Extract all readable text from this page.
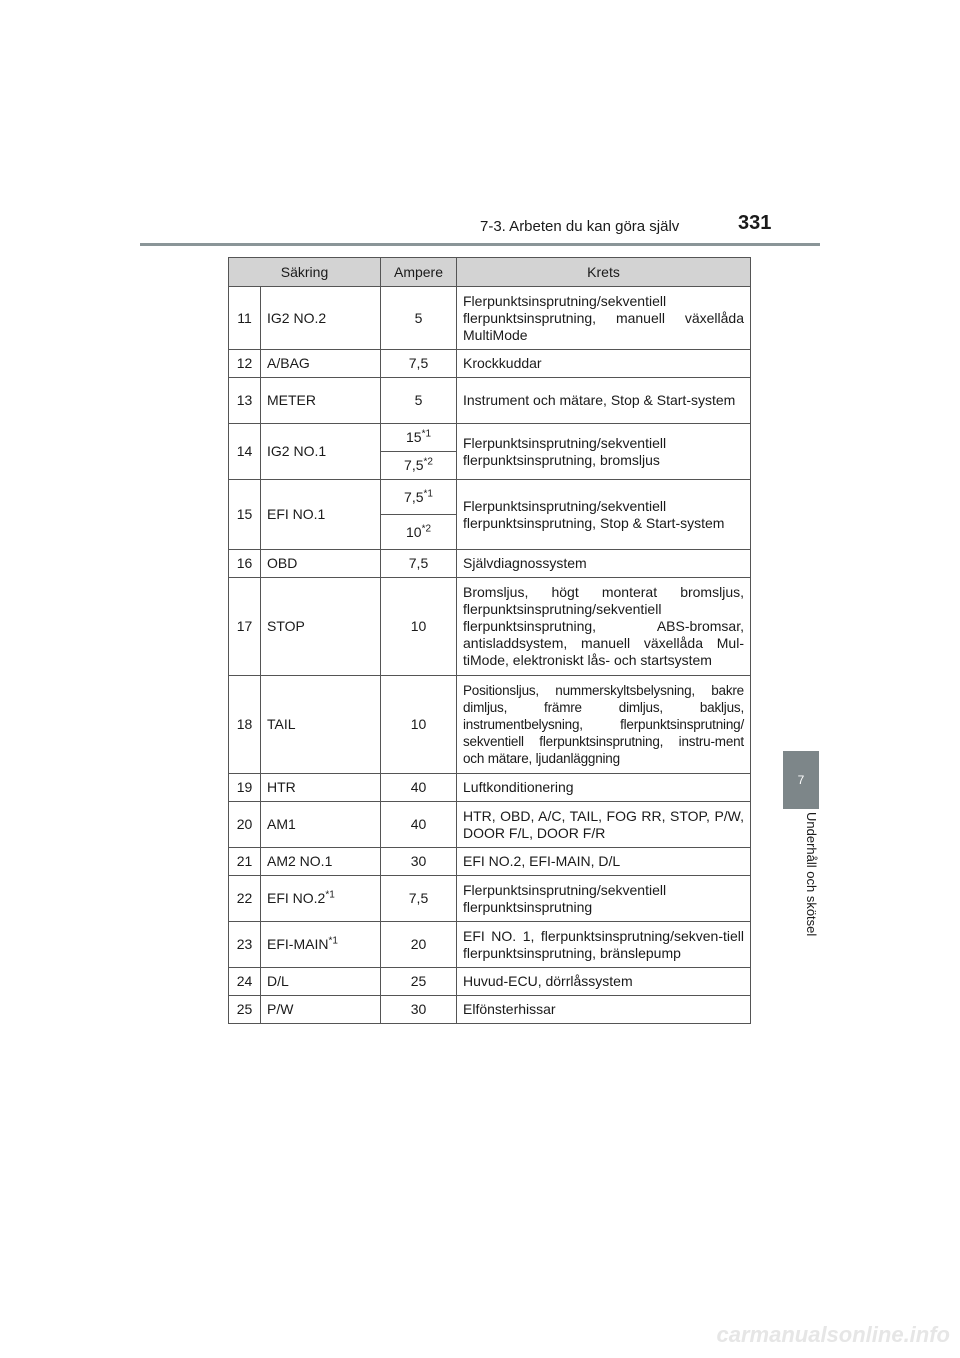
7-3. Arbeten du kan göra själv	331
7
Underhåll och skötsel
Säkring		Ampere	Krets
11	IG2 NO.2	5	Flerpunktsinsprutning/sekventiell flerpunktsinsprutning, manuell växellåda MultiMode
12	A/BAG	7,5	Krockkuddar
13	METER	5	Instrument och mätare, Stop & Start-system
14	IG2 NO.1	15$^{*1}$	Flerpunktsinsprutning/sekventiell flerpunktsinsprutning, bromsljus
		7,5$^{*2}$
15	EFI NO.1	7,5$^{*1}$	Flerpunktsinsprutning/sekventiell flerpunktsinsprutning, Stop & Start-system
		10$^{*2}$
16	OBD	7,5	Självdiagnossystem
17	STOP	10	Bromsljus, högt monterat bromsljus, flerpunktsinsprutning/sekventiell flerpunktsinsprutning, ABS-bromsar, antisladdsystem, manuell växellåda Mul-tiMode, elektroniskt lås- och startsystem
18	TAIL	10	Positionsljus, nummerskyltsbelysning, bakre dimljus, främre dimljus, bakljus, instrumentbelysning, flerpunktsinsprutning/ sekventiell flerpunktsinsprutning, instru-ment och mätare, ljudanläggning
19	HTR	40	Luftkonditionering
20	AM1	40	HTR, OBD, A/C, TAIL, FOG RR, STOP, P/W, DOOR F/L, DOOR F/R
21	AM2 NO.1	30	EFI NO.2, EFI-MAIN, D/L
22	EFI NO.2$^{*1}$	7,5	Flerpunktsinsprutning/sekventiell flerpunktsinsprutning
23	EFI-MAIN$^{*1}$	20	EFI NO. 1, flerpunktsinsprutning/sekven-tiell flerpunktsinsprutning, bränslepump
24	D/L	25	Huvud-ECU, dörrlåssystem
25	P/W	30	Elfönsterhissar
carmanualsonline.info
